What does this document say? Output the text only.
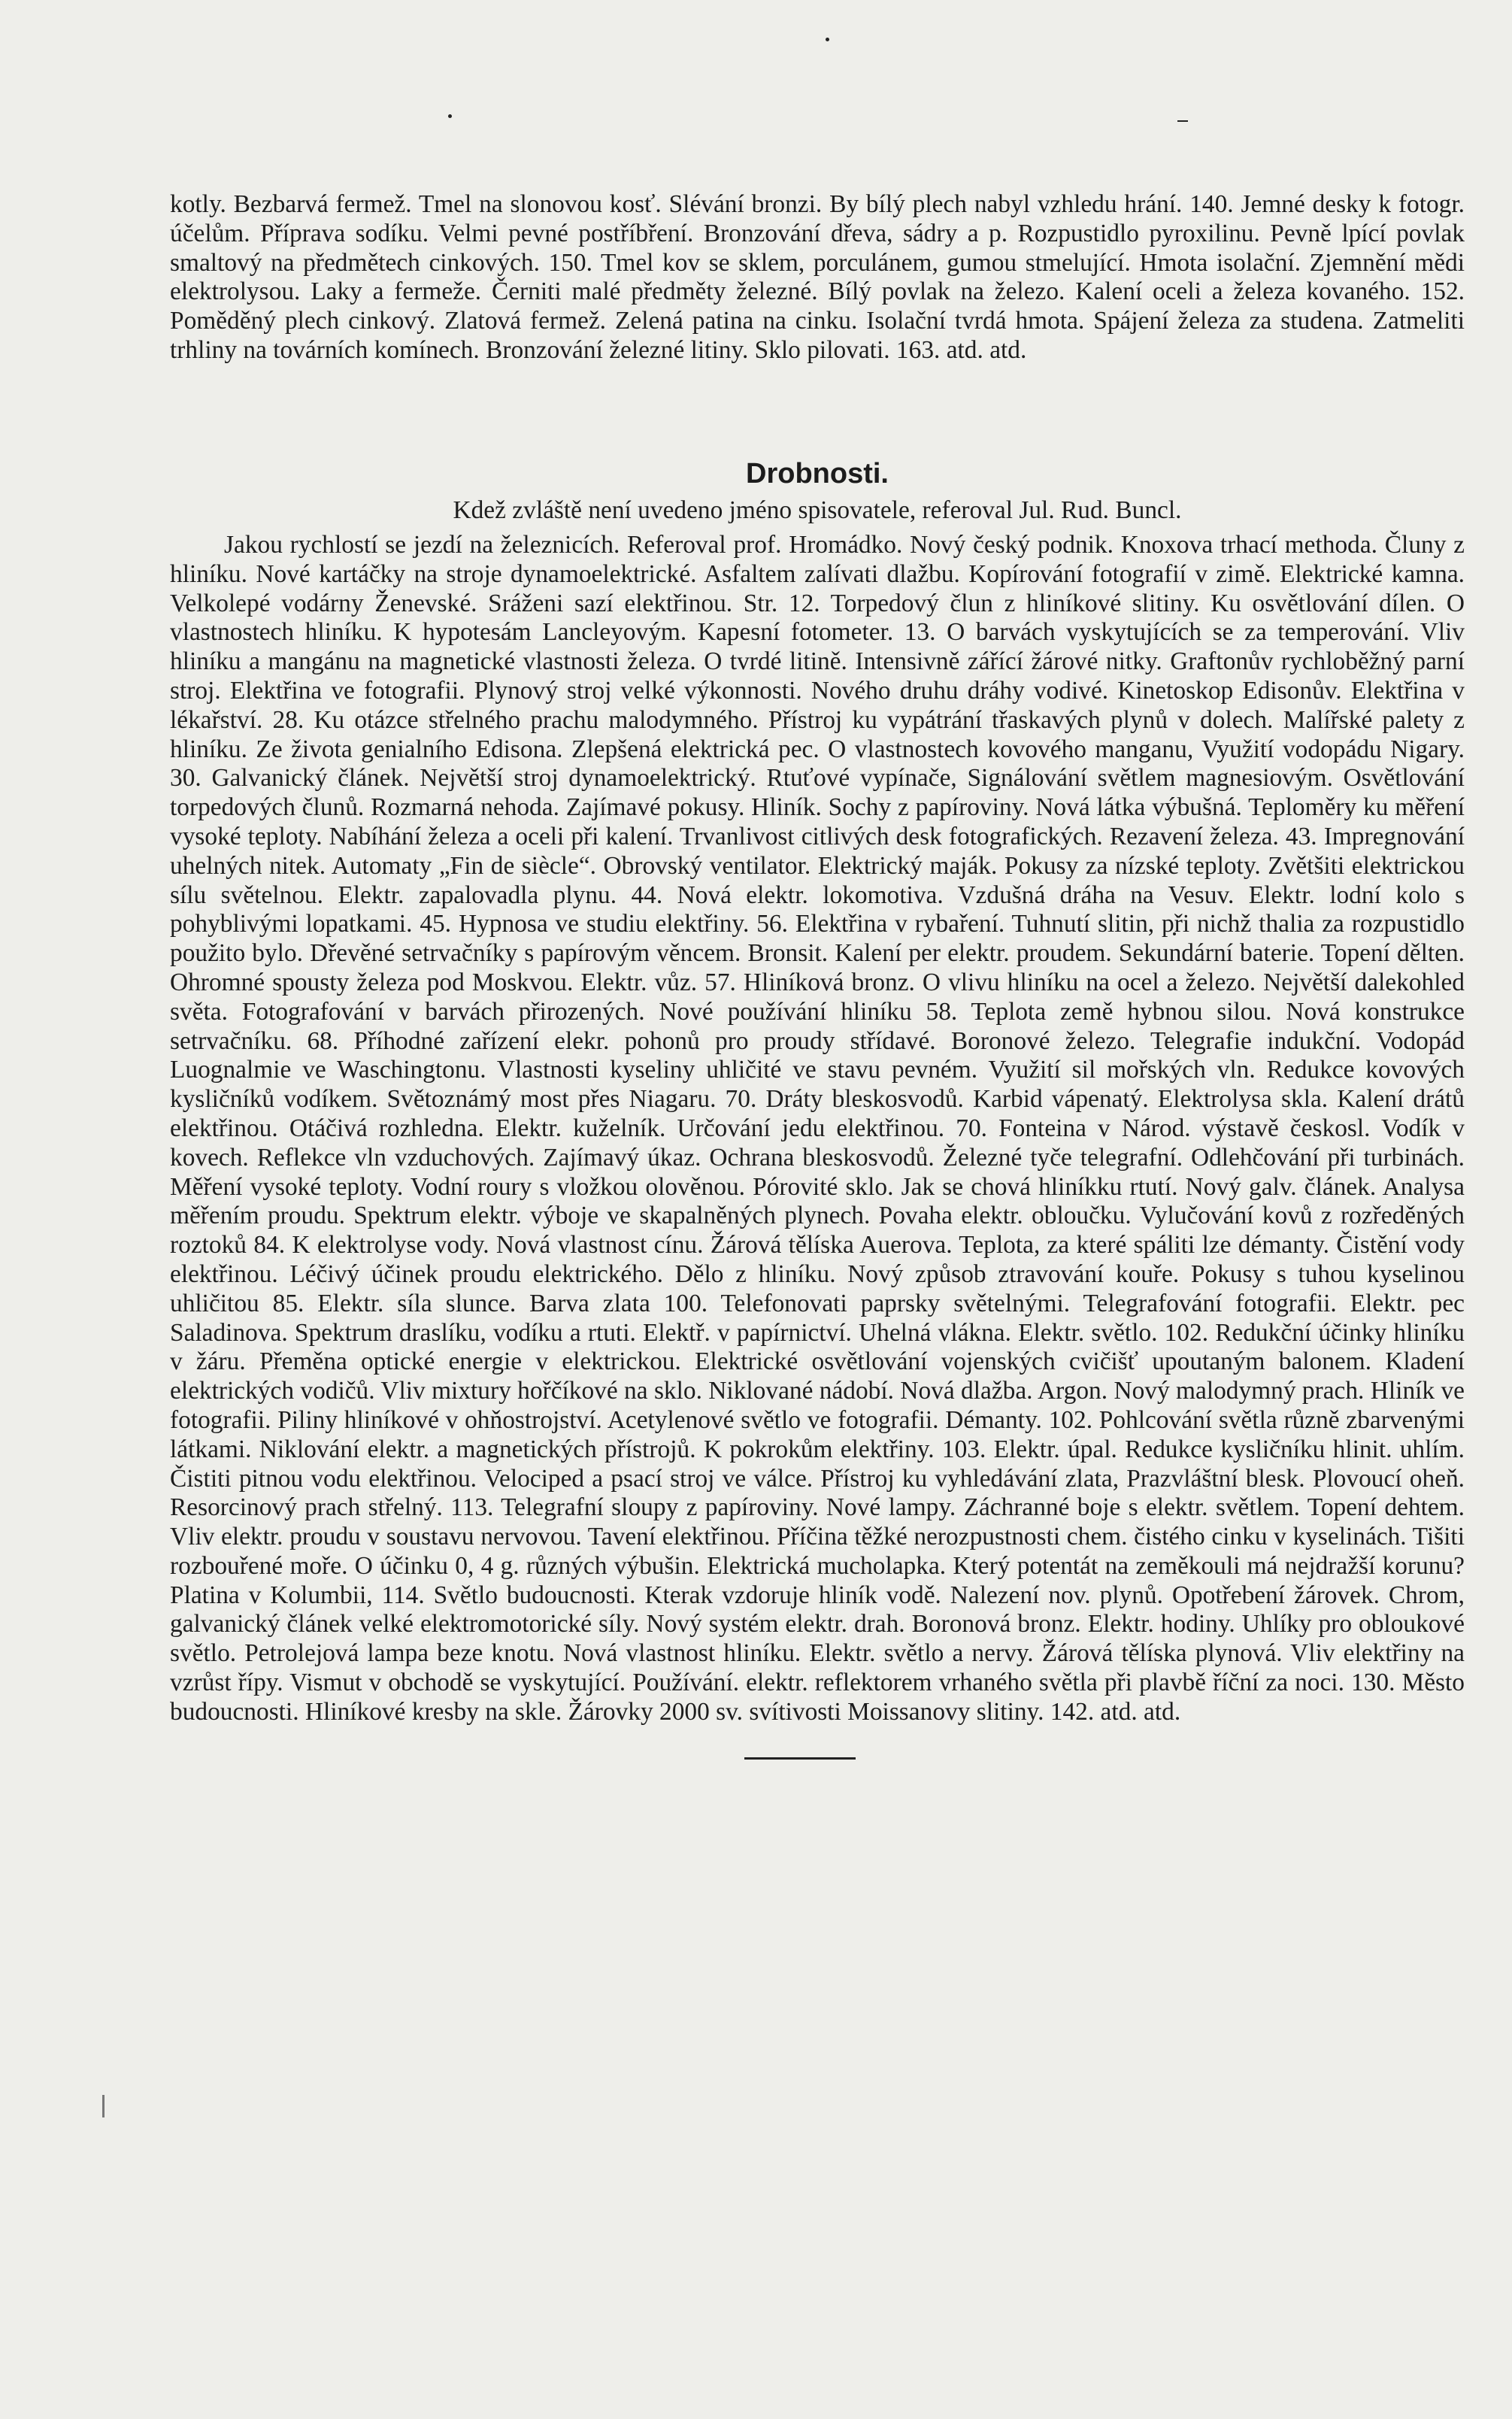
kotly. Bezbarvá fermež. Tmel na slonovou kosť. Slévání bronzi. By bílý plech nabyl vzhledu hrání. 140. Jemné desky k fotogr. účelům. Příprava sodíku. Velmi pevné postříbření. Bronzování dřeva, sádry a p. Rozpustidlo pyroxilinu. Pevně lpící povlak smaltový na předmětech cinkových. 150. Tmel kov se sklem, porculánem, gumou stmelující. Hmota isolační. Zjemnění mědi elektrolysou. Laky a fermeže. Černiti malé předměty železné. Bílý povlak na železo. Kalení oceli a železa kovaného. 152. Poměděný plech cinkový. Zlatová fermež. Zelená patina na cinku. Isolační tvrdá hmota. Spájení železa za studena. Zatmeliti trhliny na továrních komínech. Bronzování železné litiny. Sklo pilovati. 163. atd. atd.

Drobnosti.
Kdež zvláště není uvedeno jméno spisovatele, referoval Jul. Rud. Buncl.

Jakou rychlostí se jezdí na železnicích. Referoval prof. Hromádko. Nový český podnik. Knoxova trhací methoda. Čluny z hliníku. Nové kartáčky na stroje dynamoelektrické. Asfaltem zalívati dlažbu. Kopírování fotografií v zimě. Elektrické kamna. Velkolepé vodárny Ženevské. Sráženi sazí elektřinou. Str. 12. Torpedový člun z hliníkové slitiny. Ku osvětlování dílen. O vlastnostech hliníku. K hypotesám Lancleyovým. Kapesní fotometer. 13. O barvách vyskytujících se za temperování. Vliv hliníku a mangánu na magnetické vlastnosti železa. O tvrdé litině. Intensivně zářící žárové nitky. Graftonův rychloběžný parní stroj. Elektřina ve fotografii. Plynový stroj velké výkonnosti. Nového druhu dráhy vodivé. Kinetoskop Edisonův. Elektřina v lékařství. 28. Ku otázce střelného prachu malodymného. Přístroj ku vypátrání třaskavých plynů v dolech. Malířské palety z hliníku. Ze života genialního Edisona. Zlepšená elektrická pec. O vlastnostech kovového manganu, Využití vodopádu Nigary. 30. Galvanický článek. Největší stroj dynamoelektrický. Rtuťové vypínače, Signálování světlem magnesiovým. Osvětlování torpedových člunů. Rozmarná nehoda. Zajímavé pokusy. Hliník. Sochy z papíroviny. Nová látka výbušná. Teploměry ku měření vysoké teploty. Nabíhání železa a oceli při kalení. Trvanlivost citlivých desk fotografických. Rezavení železa. 43. Impregnování uhelných nitek. Automaty „Fin de siècle“. Obrovský ventilator. Elektrický maják. Pokusy za nízské teploty. Zvětšiti elektrickou sílu světelnou. Elektr. zapalovadla plynu. 44. Nová elektr. lokomotiva. Vzdušná dráha na Vesuv. Elektr. lodní kolo s pohyblivými lopatkami. 45. Hypnosa ve studiu elektřiny. 56. Elektřina v rybaření. Tuhnutí slitin, při nichž thalia za rozpustidlo použito bylo. Dřevěné setrvačníky s papírovým věncem. Bronsit. Kalení per elektr. proudem. Sekundární baterie. Topení dělten. Ohromné spousty železa pod Moskvou. Elektr. vůz. 57. Hliníková bronz. O vlivu hliníku na ocel a železo. Největší dalekohled světa. Fotografování v barvách přirozených. Nové používání hliníku 58. Teplota země hybnou silou. Nová konstrukce setrvačníku. 68. Příhodné zařízení elekr. pohonů pro proudy střídavé. Boronové železo. Telegrafie indukční. Vodopád Luognalmie ve Waschingtonu. Vlastnosti kyseliny uhličité ve stavu pevném. Využití sil mořských vln. Redukce kovových kysličníků vodíkem. Světoznámý most přes Niagaru. 70. Dráty bleskosvodů. Karbid vápenatý. Elektrolysa skla. Kalení drátů elektřinou. Otáčivá rozhledna. Elektr. kuželník. Určování jedu elektřinou. 70. Fonteina v Národ. výstavě českosl. Vodík v kovech. Reflekce vln vzduchových. Zajímavý úkaz. Ochrana bleskosvodů. Železné tyče telegrafní. Odlehčování při turbinách. Měření vysoké teploty. Vodní roury s vložkou olověnou. Pórovité sklo. Jak se chová hliníkku rtutí. Nový galv. článek. Analysa měřením proudu. Spektrum elektr. výboje ve skapalněných plynech. Povaha elektr. obloučku. Vylučování kovů z rozředěných roztoků 84. K elektrolyse vody. Nová vlastnost cínu. Žárová tělíska Auerova. Teplota, za které spáliti lze démanty. Čistění vody elektřinou. Léčivý účinek proudu elektrického. Dělo z hliníku. Nový způsob ztravování kouře. Pokusy s tuhou kyselinou uhličitou 85. Elektr. síla slunce. Barva zlata 100. Telefonovati paprsky světelnými. Telegrafování fotografii. Elektr. pec Saladinova. Spektrum draslíku, vodíku a rtuti. Elektř. v papírnictví. Uhelná vlákna. Elektr. světlo. 102. Redukční účinky hliníku v žáru. Přeměna optické energie v elektrickou. Elektrické osvětlování vojenských cvičišť upoutaným balonem. Kladení elektrických vodičů. Vliv mixtury hořčíkové na sklo. Niklované nádobí. Nová dlažba. Argon. Nový malodymný prach. Hliník ve fotografii. Piliny hliníkové v ohňostrojství. Acetylenové světlo ve fotografii. Démanty. 102. Pohlcování světla různě zbarvenými látkami. Niklování elektr. a magnetických přístrojů. K pokrokům elektřiny. 103. Elektr. úpal. Redukce kysličníku hlinit. uhlím. Čistiti pitnou vodu elektřinou. Velociped a psací stroj ve válce. Přístroj ku vyhledávání zlata, Prazvláštní blesk. Plovoucí oheň. Resorcinový prach střelný. 113. Telegrafní sloupy z papíroviny. Nové lampy. Záchranné boje s elektr. světlem. Topení dehtem. Vliv elektr. proudu v soustavu nervovou. Tavení elektřinou. Příčina těžké nerozpustnosti chem. čistého cinku v kyselinách. Tišiti rozbouřené moře. O účinku 0, 4 g. různých výbušin. Elektrická mucholapka. Který potentát na zeměkouli má nejdražší korunu? Platina v Kolumbii, 114. Světlo budoucnosti. Kterak vzdoruje hliník vodě. Nalezení nov. plynů. Opotřebení žárovek. Chrom, galvanický článek velké elektromotorické síly. Nový systém elektr. drah. Boronová bronz. Elektr. hodiny. Uhlíky pro obloukové světlo. Petrolejová lampa beze knotu. Nová vlastnost hliníku. Elektr. světlo a nervy. Žárová tělíska plynová. Vliv elektřiny na vzrůst řípy. Vismut v obchodě se vyskytující. Používání. elektr. reflektorem vrhaného světla při plavbě říční za noci. 130. Město budoucnosti. Hliníkové kresby na skle. Žárovky 2000 sv. svítivosti Moissanovy slitiny. 142. atd. atd.
